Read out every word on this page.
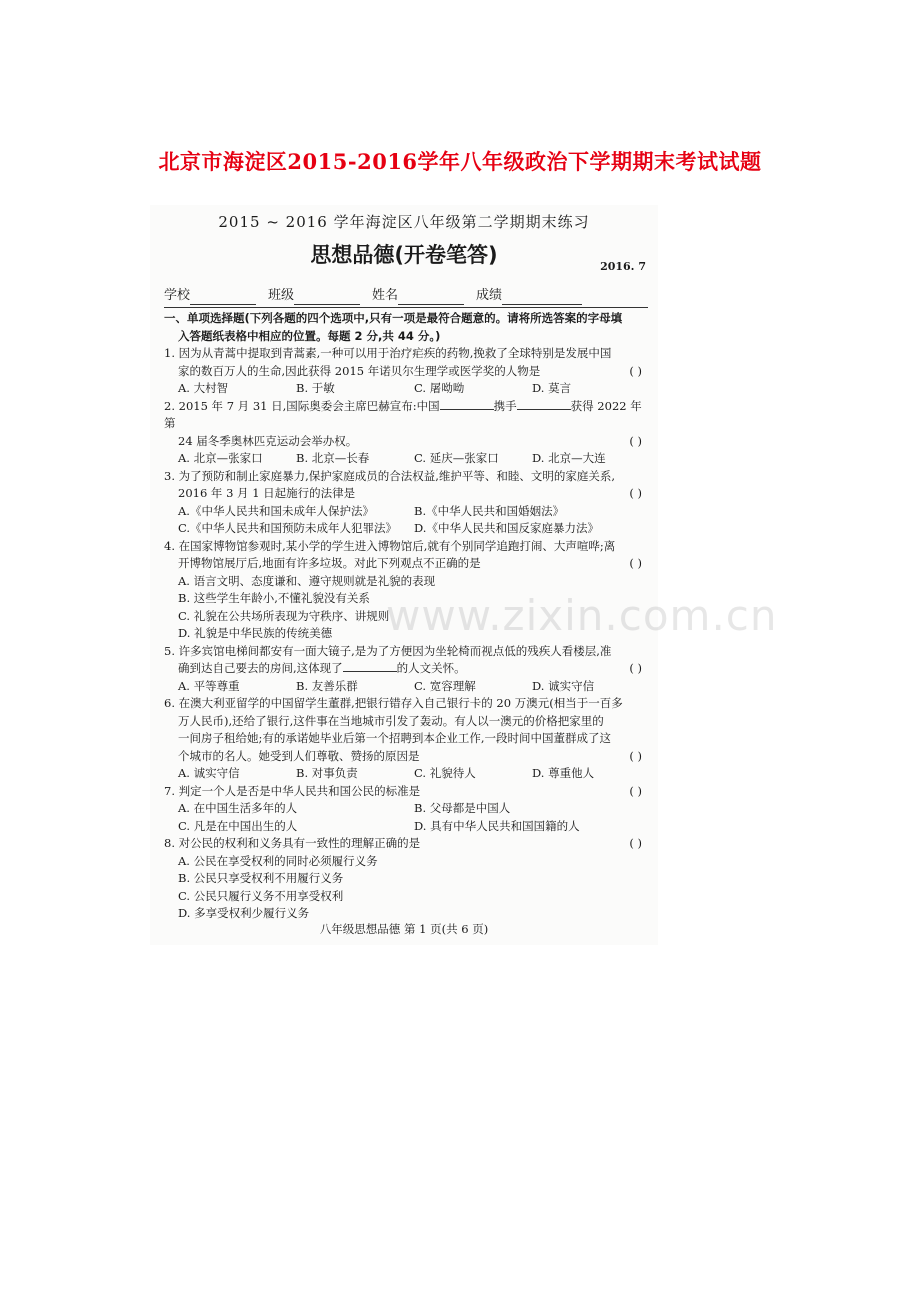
北京市海淀区2015-2016学年八年级政治下学期期末考试试题
2015 ~ 2016 学年海淀区八年级第二学期期末练习
思想品德(开卷笔答)	2016. 7
学校	班级	姓名	成绩
一、单项选择题(下列各题的四个选项中,只有一项是最符合题意的。请将所选答案的字母填
入答题纸表格中相应的位置。每题 2 分,共 44 分。)
1. 因为从青蒿中提取到青蒿素,一种可以用于治疗疟疾的药物,挽救了全球特别是发展中国
( )
家的数百万人的生命,因此获得 2015 年诺贝尔生理学或医学奖的人物是
A. 大村智	B. 于敏	C. 屠呦呦	D. 莫言
2. 2015 年 7 月 31 日,国际奥委会主席巴赫宣布:中国	携手	获得 2022 年第
( )
24 届冬季奥林匹克运动会举办权。
A. 北京—张家口	B. 北京—长春	C. 延庆—张家口	D. 北京—大连
3. 为了预防和制止家庭暴力,保护家庭成员的合法权益,维护平等、和睦、文明的家庭关系,
( )
2016 年 3 月 1 日起施行的法律是
A.《中华人民共和国未成年人保护法》	B.《中华人民共和国婚姻法》
C.《中华人民共和国预防未成年人犯罪法》	D.《中华人民共和国反家庭暴力法》
4. 在国家博物馆参观时,某小学的学生进入博物馆后,就有个别同学追跑打闹、大声喧哗;离
( )
开博物馆展厅后,地面有许多垃圾。对此下列观点不正确的是
A. 语言文明、态度谦和、遵守规则就是礼貌的表现
B. 这些学生年龄小,不懂礼貌没有关系
C. 礼貌在公共场所表现为守秩序、讲规则
D. 礼貌是中华民族的传统美德
5. 许多宾馆电梯间都安有一面大镜子,是为了方便因为坐轮椅而视点低的残疾人看楼层,准
( )
确到达自己要去的房间,这体现了	的人文关怀。
A. 平等尊重	B. 友善乐群	C. 宽容理解	D. 诚实守信
6. 在澳大利亚留学的中国留学生董群,把银行错存入自己银行卡的 20 万澳元(相当于一百多
万人民币),还给了银行,这件事在当地城市引发了轰动。有人以一澳元的价格把家里的
一间房子租给她;有的承诺她毕业后第一个招聘到本企业工作,一段时间中国董群成了这
( )
个城市的名人。她受到人们尊敬、赞扬的原因是
A. 诚实守信	B. 对事负责	C. 礼貌待人	D. 尊重他人
( )
7. 判定一个人是否是中华人民共和国公民的标准是
A. 在中国生活多年的人	B. 父母都是中国人
C. 凡是在中国出生的人	D. 具有中华人民共和国国籍的人
( )
8. 对公民的权利和义务具有一致性的理解正确的是
A. 公民在享受权利的同时必须履行义务
B. 公民只享受权利不用履行义务
C. 公民只履行义务不用享受权利
D. 多享受权利少履行义务
www.zixin.com.cn
八年级思想品德 第 1 页(共 6 页)
